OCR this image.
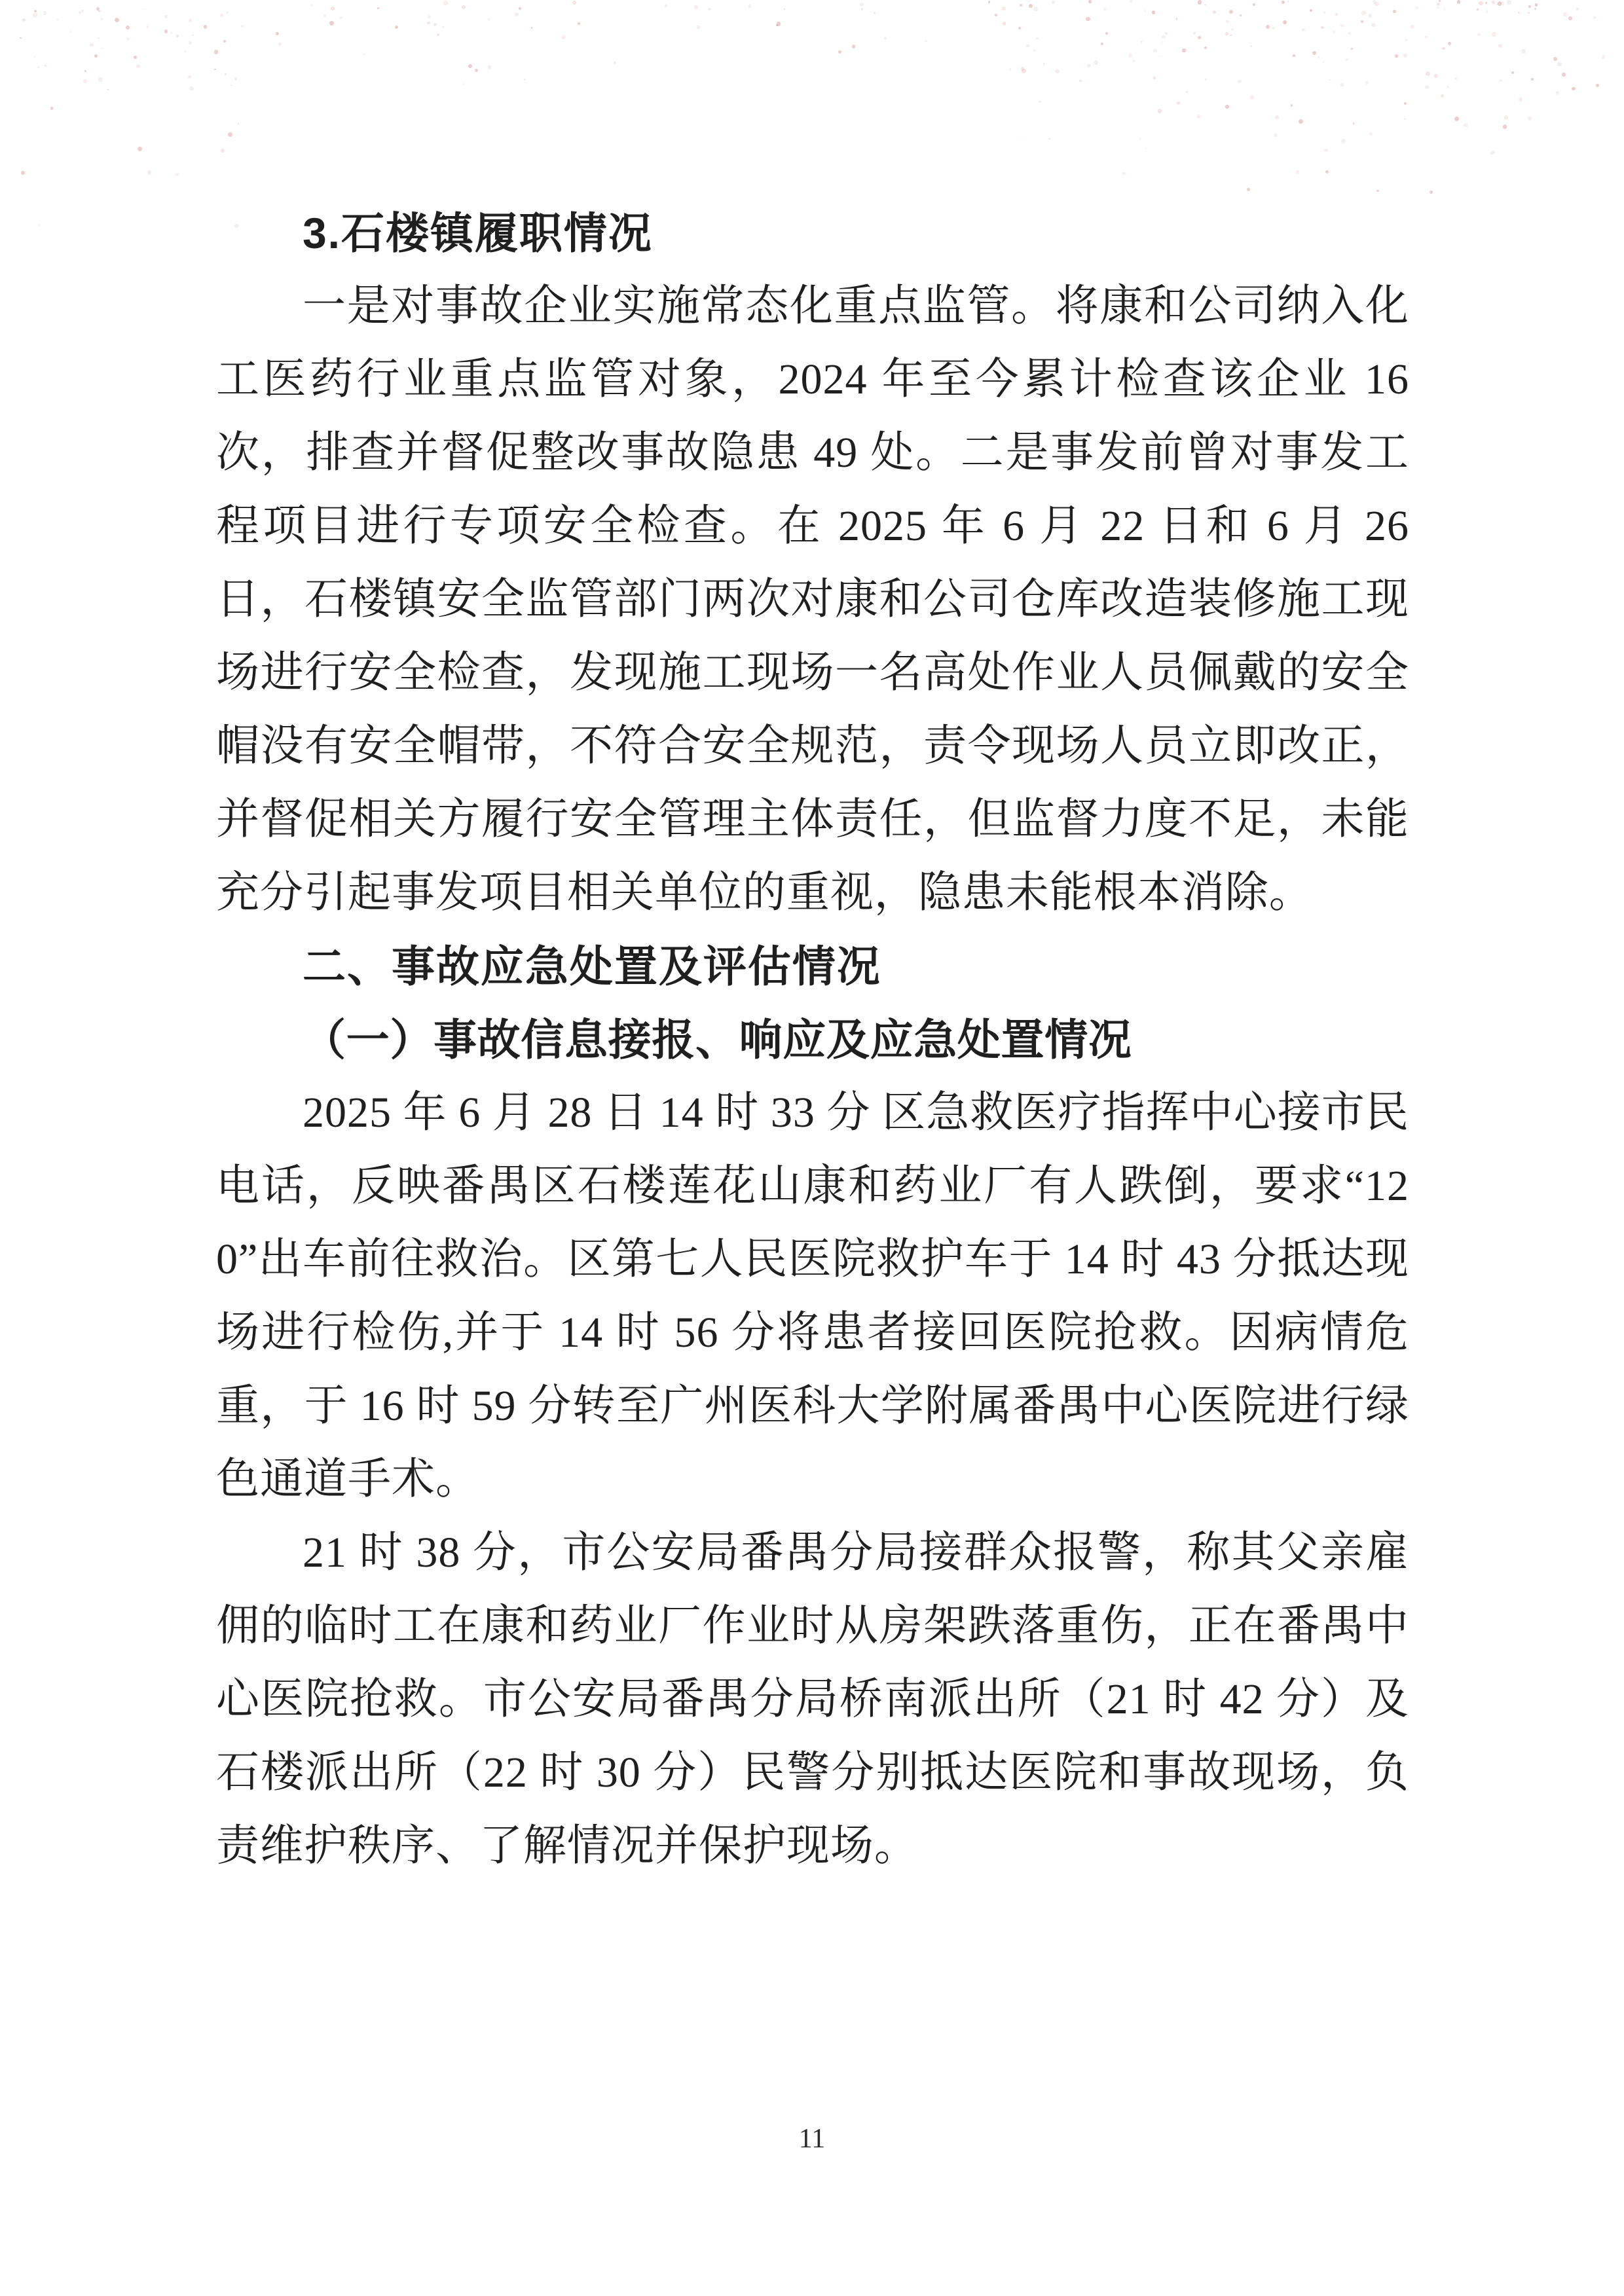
3.石楼镇履职情况

一是对事故企业实施常态化重点监管。将康和公司纳入化工医药行业重点监管对象，2024 年至今累计检查该企业 16 次，排查并督促整改事故隐患 49 处。二是事发前曾对事发工程项目进行专项安全检查。在 2025 年 6 月 22 日和 6 月 26 日，石楼镇安全监管部门两次对康和公司仓库改造装修施工现场进行安全检查，发现施工现场一名高处作业人员佩戴的安全帽没有安全帽带，不符合安全规范，责令现场人员立即改正，并督促相关方履行安全管理主体责任，但监督力度不足，未能充分引起事发项目相关单位的重视，隐患未能根本消除。

二、事故应急处置及评估情况

（一）事故信息接报、响应及应急处置情况

2025 年 6 月 28 日 14 时 33 分 区急救医疗指挥中心接市民电话，反映番禺区石楼莲花山康和药业厂有人跌倒，要求“120”出车前往救治。区第七人民医院救护车于 14 时 43 分抵达现场进行检伤,并于 14 时 56 分将患者接回医院抢救。因病情危重，于 16 时 59 分转至广州医科大学附属番禺中心医院进行绿色通道手术。

21 时 38 分，市公安局番禺分局接群众报警，称其父亲雇佣的临时工在康和药业厂作业时从房架跌落重伤，正在番禺中心医院抢救。市公安局番禺分局桥南派出所（21 时 42 分）及石楼派出所（22 时 30 分）民警分别抵达医院和事故现场，负责维护秩序、了解情况并保护现场。

11
